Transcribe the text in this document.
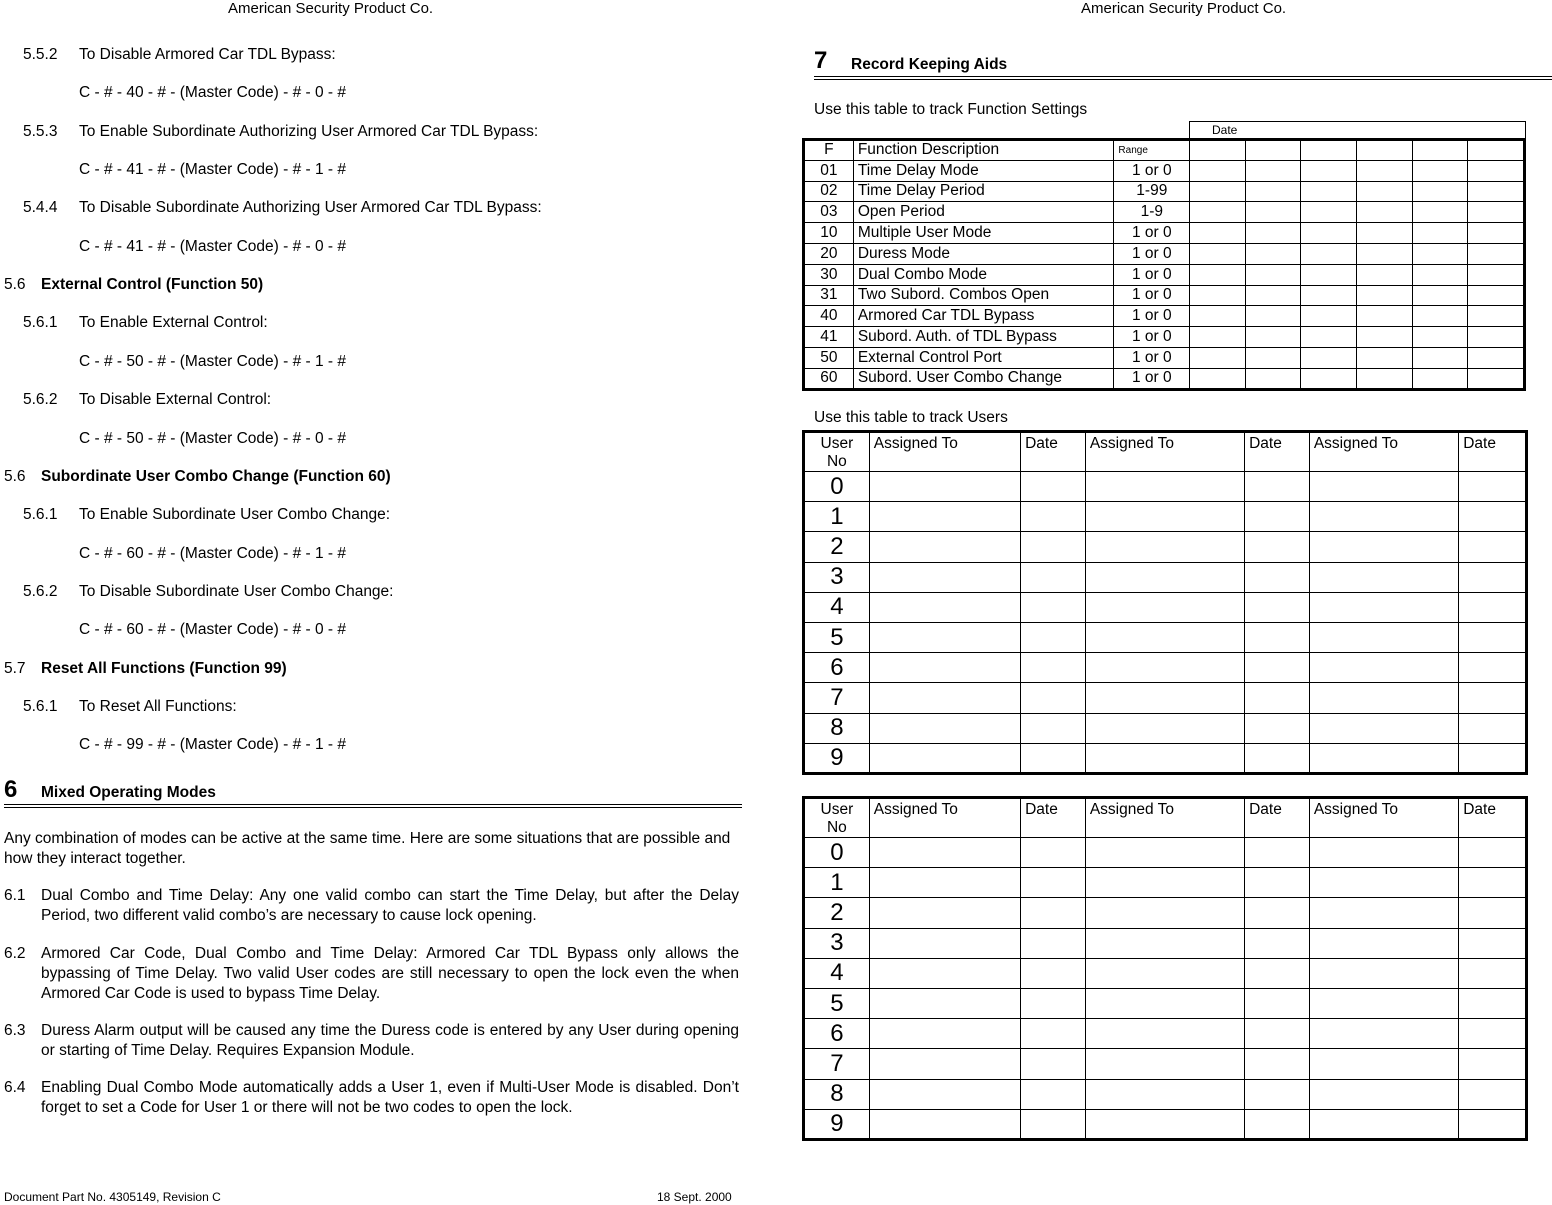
American Security Product Co.	American Security Product Co.
5.5.2 To Disable Armored Car TDL Bypass:
C - # - 40 - # - (Master Code) - # - 0 - #
5.5.3 To Enable Subordinate Authorizing User Armored Car TDL Bypass:
C - # - 41 - # - (Master Code) - # - 1 - #
5.4.4 To Disable Subordinate Authorizing User Armored Car TDL Bypass:
C - # - 41 - # - (Master Code) - # - 0 - #
5.6 External Control (Function 50)
5.6.1 To Enable External Control:
C - # - 50 - # - (Master Code) - # - 1 - #
5.6.2 To Disable External Control:
C - # - 50 - # - (Master Code) - # - 0 - #
5.6 Subordinate User Combo Change (Function 60)
5.6.1 To Enable Subordinate User Combo Change:
C - # - 60 - # - (Master Code) - # - 1 - #
5.6.2 To Disable Subordinate User Combo Change:
C - # - 60 - # - (Master Code) - # - 0 - #
5.7 Reset All Functions (Function 99)
5.6.1 To Reset All Functions:
C - # - 99 - # - (Master Code) - # - 1 - #
6 Mixed Operating Modes
Any combination of modes can be active at the same time. Here are some situations that are possible and how they interact together.
6.1 Dual Combo and Time Delay: Any one valid combo can start the Time Delay, but after the Delay Period, two different valid combo’s are necessary to cause lock opening.
6.2 Armored Car Code, Dual Combo and Time Delay: Armored Car TDL Bypass only allows the bypassing of Time Delay. Two valid User codes are still necessary to open the lock even the when Armored Car Code is used to bypass Time Delay.
6.3 Duress Alarm output will be caused any time the Duress code is entered by any User during opening or starting of Time Delay. Requires Expansion Module.
6.4 Enabling Dual Combo Mode automatically adds a User 1, even if Multi-User Mode is disabled. Don’t forget to set a Code for User 1 or there will not be two codes to open the lock.
Document Part No. 4305149, Revision C	18 Sept. 2000
7 Record Keeping Aids
Use this table to track Function Settings
Date
F	Function Description	Range						
01	Time Delay Mode	1 or 0						
02	Time Delay Period	1-99						
03	Open Period	1-9						
10	Multiple User Mode	1 or 0						
20	Duress Mode	1 or 0						
30	Dual Combo Mode	1 or 0						
31	Two Subord. Combos Open	1 or 0						
40	Armored Car TDL Bypass	1 or 0						
41	Subord. Auth. of TDL Bypass	1 or 0						
50	External Control Port	1 or 0						
60	Subord. User Combo Change	1 or 0						
Use this table to track Users
User
No	Assigned To	Date	Assigned To	Date	Assigned To	Date
0						
1						
2						
3						
4						
5						
6						
7						
8						
9						
User
No	Assigned To	Date	Assigned To	Date	Assigned To	Date
0						
1						
2						
3						
4						
5						
6						
7						
8						
9						
